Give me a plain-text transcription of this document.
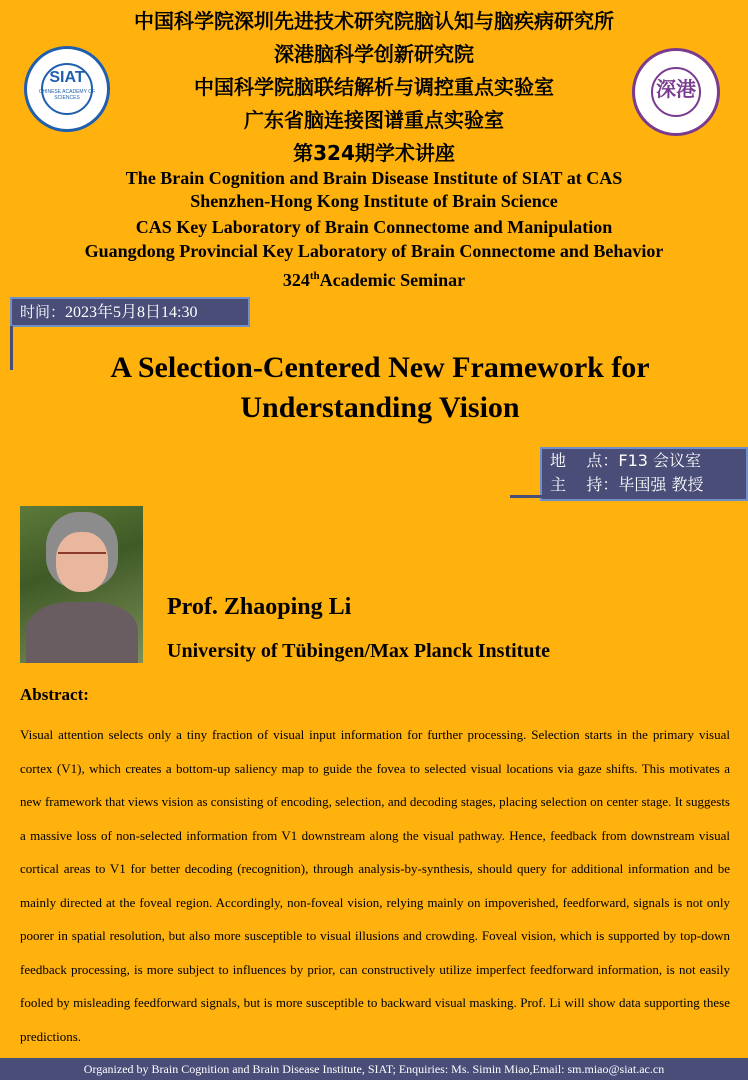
SIAT
CHINESE ACADEMY OF SCIENCES	深港
中国科学院深圳先进技术研究院脑认知与脑疾病研究所
深港脑科学创新研究院
中国科学院脑联结解析与调控重点实验室
广东省脑连接图谱重点实验室
第324期学术讲座
The Brain Cognition and Brain Disease Institute of SIAT at CAS
Shenzhen-Hong Kong Institute of Brain Science
CAS Key Laboratory of Brain Connectome and Manipulation
Guangdong Provincial Key Laboratory of Brain Connectome and Behavior
324thAcademic Seminar
时间：2023年5月8日14:30
A Selection-Centered New Framework for
Understanding Vision
地    点：F13 会议室
主    持：毕国强 教授
Prof. Zhaoping Li
University of Tübingen/Max Planck Institute
Abstract:
Visual attention selects only a tiny fraction of visual input information for further processing. Selection starts in the primary visual cortex (V1), which creates a bottom-up saliency map to guide the fovea to selected visual locations via gaze shifts. This motivates a new framework that views vision as consisting of encoding, selection, and decoding stages, placing selection on center stage. It suggests a massive loss of non-selected information from V1 downstream along the visual pathway. Hence, feedback from downstream visual cortical areas to V1 for better decoding (recognition), through analysis-by-synthesis, should query for additional information and be mainly directed at the foveal region. Accordingly, non-foveal vision, relying mainly on impoverished, feedforward, signals is not only poorer in spatial resolution, but also more susceptible to visual illusions and crowding. Foveal vision, which is supported by top-down feedback processing, is more subject to influences by prior, can constructively utilize imperfect feedforward information, is not easily fooled by misleading feedforward signals, but is more susceptible to backward visual masking. Prof. Li will show data supporting these predictions.
Organized by Brain Cognition and Brain Disease Institute, SIAT; Enquiries: Ms. Simin Miao,Email: sm.miao@siat.ac.cn
